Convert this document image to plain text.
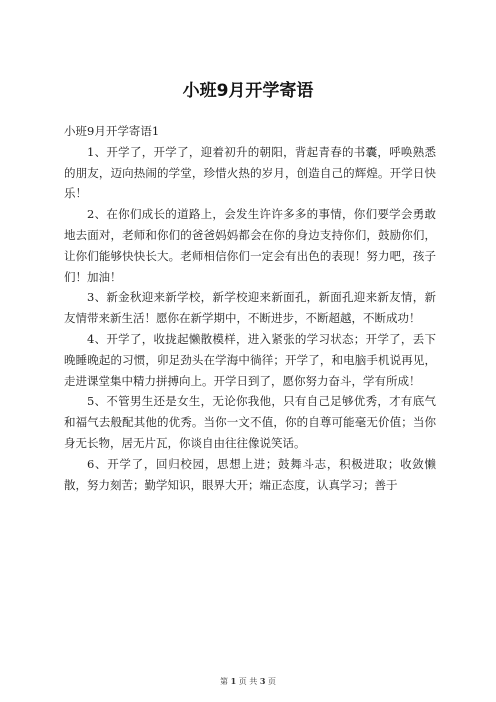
小班9月开学寄语

小班9月开学寄语1

1、开学了，开学了，迎着初升的朝阳，背起青春的书囊，呼唤熟悉的朋友，迈向热闹的学堂，珍惜火热的岁月，创造自己的辉煌。开学日快乐！

2、在你们成长的道路上，会发生许许多多的事情，你们要学会勇敢地去面对，老师和你们的爸爸妈妈都会在你的身边支持你们，鼓励你们，让你们能够快快长大。老师相信你们一定会有出色的表现！努力吧，孩子们！加油！

3、新金秋迎来新学校，新学校迎来新面孔，新面孔迎来新友情，新友情带来新生活！愿你在新学期中，不断进步，不断超越，不断成功！

4、开学了，收拢起懒散模样，进入紧张的学习状态；开学了，丢下晚睡晚起的习惯，卯足劲头在学海中徜徉；开学了，和电脑手机说再见，走进课堂集中精力拼搏向上。开学日到了，愿你努力奋斗，学有所成！

5、不管男生还是女生，无论你我他，只有自己足够优秀，才有底气和福气去般配其他的优秀。当你一文不值，你的自尊可能毫无价值；当你身无长物，居无片瓦，你谈自由往往像说笑话。

6、开学了，回归校园，思想上进；鼓舞斗志，积极进取；收敛懒散，努力刻苦；勤学知识，眼界大开；端正态度，认真学习；善于

第 1 页 共 3 页
